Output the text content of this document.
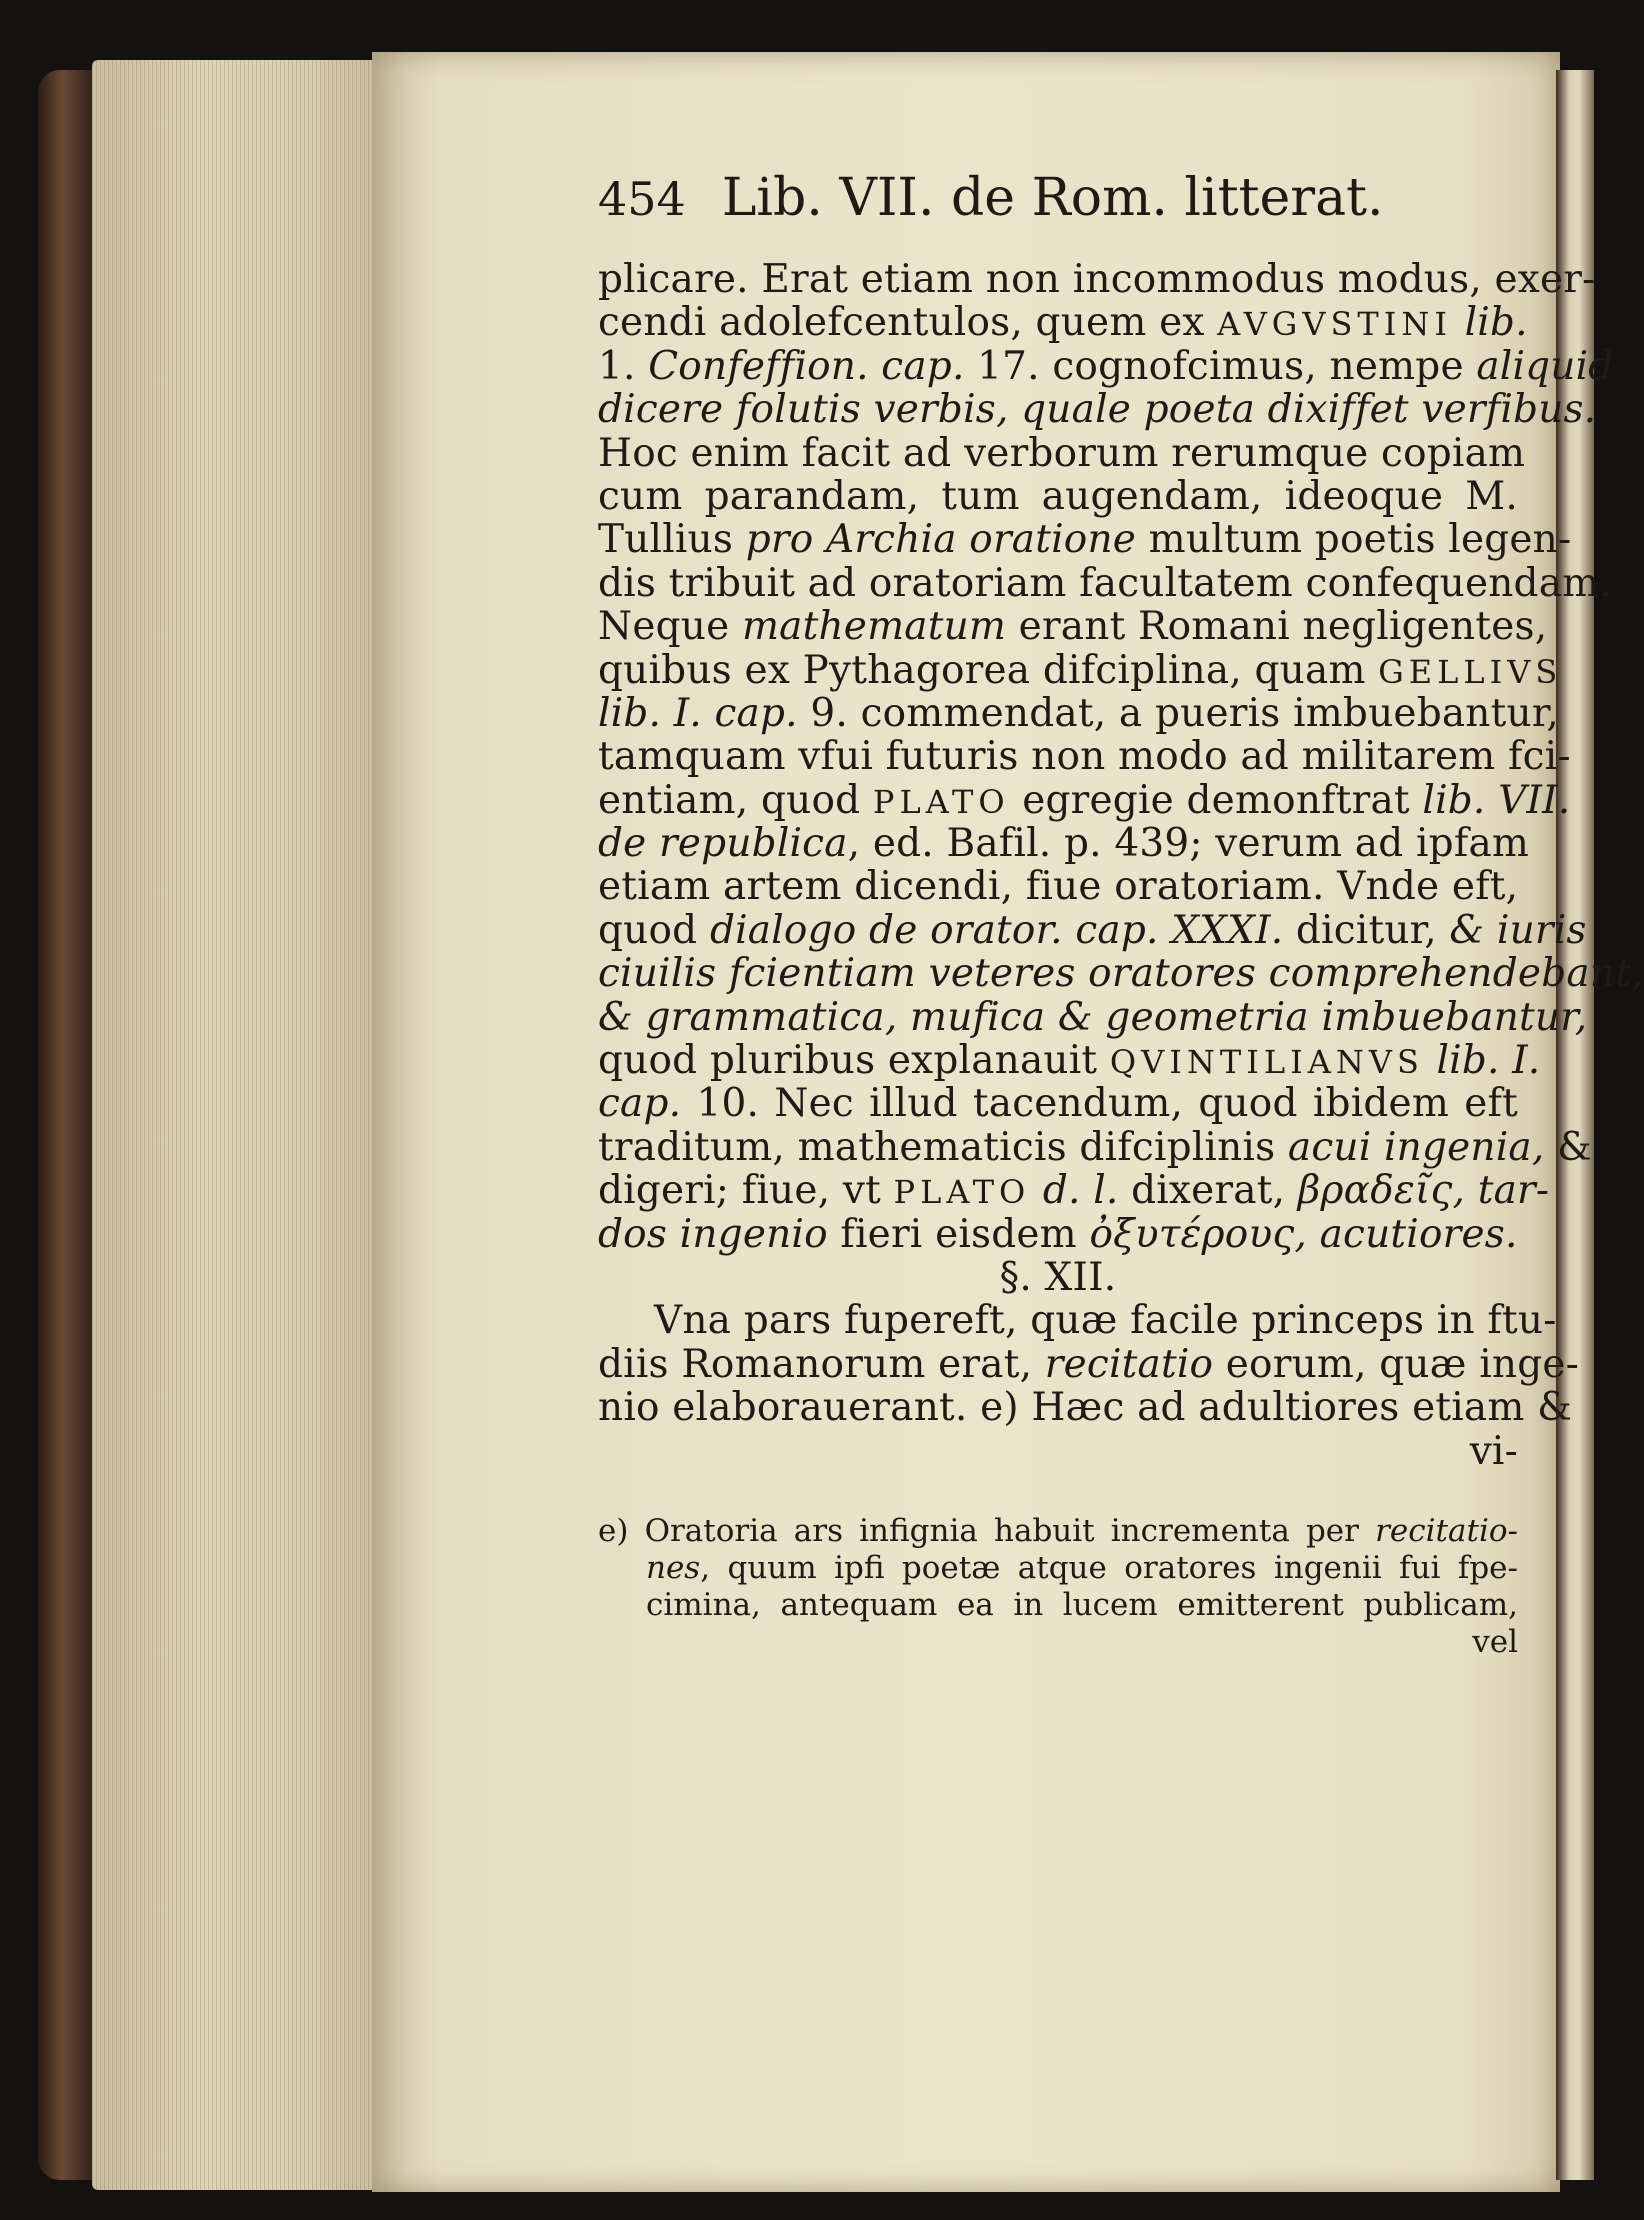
454 Lib. VII. de Rom. litterat.
plicare. Erat etiam non incommodus modus, exer-
cendi adolefcentulos, quem ex AVGVSTINI lib.
1. Confeffion. cap. 17. cognofcimus, nempe aliquid
dicere folutis verbis, quale poeta dixiffet verfibus.
Hoc enim facit ad verborum rerumque copiam
cum parandam, tum augendam, ideoque M.
Tullius pro Archia oratione multum poetis legen-
dis tribuit ad oratoriam facultatem confequendam.
Neque mathematum erant Romani negligentes,
quibus ex Pythagorea difciplina, quam GELLIVS
lib. I. cap. 9. commendat, a pueris imbuebantur,
tamquam vfui futuris non modo ad militarem fci-
entiam, quod PLATO egregie demonftrat lib. VII.
de republica, ed. Bafil. p. 439; verum ad ipfam
etiam artem dicendi, fiue oratoriam. Vnde eft,
quod dialogo de orator. cap. XXXI. dicitur, & iuris
ciuilis fcientiam veteres oratores comprehendebant,
& grammatica, mufica & geometria imbuebantur,
quod pluribus explanauit QVINTILIANVS lib. I.
cap. 10. Nec illud tacendum, quod ibidem eft
traditum, mathematicis difciplinis acui ingenia, &
digeri; fiue, vt PLATO d. l. dixerat, βραδεῖς, tar-
dos ingenio fieri eisdem ὀξυτέρους, acutiores.
§. XII.
Vna pars fupereft, quæ facile princeps in ftu-
diis Romanorum erat, recitatio eorum, quæ inge-
nio elaborauerant. e) Hæc ad adultiores etiam &
vi-
e) Oratoria ars infignia habuit incrementa per recitatio-
nes, quum ipfi poetæ atque oratores ingenii fui fpe-
cimina, antequam ea in lucem emitterent publicam,
vel
